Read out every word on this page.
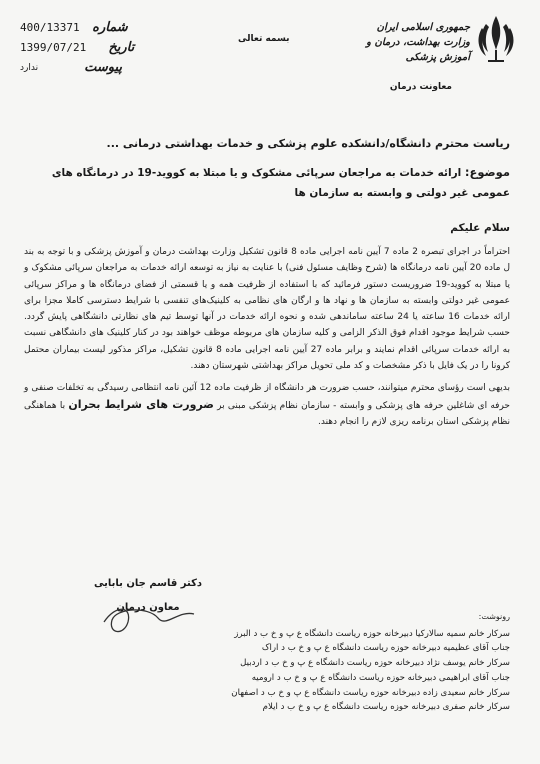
400/13371 شماره
1399/07/21	تاریخ
ندارد	پیوست
بسمه تعالی
جمهوری اسلامی ایران
وزارت بهداشت، درمان و آموزش پزشکی
معاونت درمان
ریاست محترم دانشگاه/دانشکده علوم پزشکی و خدمات بهداشتی درمانی ...
موضوع: ارائه خدمات به مراجعان سرپائی مشکوک و یا مبتلا به کووید-19 در درمانگاه های عمومی غیر دولتی و وابسته به سازمان ها
سلام علیکم

احتراماً در اجرای تبصره 2 ماده 7 آیین نامه اجرایی ماده 8 قانون تشکیل وزارت بهداشت درمان و آموزش پزشکی و با توجه به بند ل ماده 20 آیین نامه درمانگاه ها (شرح وظایف مسئول فنی) با عنایت به نیاز به توسعه ارائه خدمات به مراجعان سرپائی مشکوک و یا مبتلا به کووید-19 ضروریست دستور فرمائید که با استفاده از ظرفیت همه و یا قسمتی از فضای درمانگاه ها و مراکز سرپائی عمومی غیر دولتی وابسته به سازمان ها و نهاد ها و ارگان های نظامی به کلینیک‌های تنفسی با شرایط دسترسی کاملا مجزا برای ارائه خدمات 16 ساعته یا 24 ساعته ساماندهی شده و نحوه ارائه خدمات در آنها توسط تیم های نظارتی دانشگاهی پایش گردد. حسب شرایط موجود اقدام فوق الذکر الزامی و کلیه سازمان های مربوطه موظف خواهند بود در کنار کلینیک های دانشگاهی نسبت به ارائه خدمات سرپائی اقدام نمایند و برابر ماده 27 آیین نامه اجرایی ماده 8 قانون تشکیل، مراکز مذکور لیست بیماران محتمل کرونا را در یک فایل با ذکر مشخصات و کد ملی تحویل مراکز بهداشتی شهرستان دهند.

بدیهی است رؤسای محترم میتوانند، حسب ضرورت هر دانشگاه از ظرفیت ماده 12 آئین نامه انتظامی رسیدگی به تخلفات صنفی و حرفه ای شاغلین حرفه های پزشکی و وابسته - سازمان نظام پزشکی مبنی بر ضرورت های شرایط بحران با هماهنگی نظام پزشکی استان برنامه ریزی لازم را انجام دهند.

دکتر قاسم جان بابایی
معاون درمان
رونوشت:
سرکار خانم سمیه سالارکیا دبیرخانه حوزه ریاست دانشگاه ع پ و خ ب د البرز
جناب آقای عظیمیه دبیرخانه حوزه ریاست دانشگاه ع پ و خ ب د اراک
سرکار خانم یوسف نژاد دبیرخانه حوزه ریاست دانشگاه ع پ و خ ب د اردبیل
جناب آقای ابراهیمی دبیرخانه حوزه ریاست دانشگاه ع پ و خ ب د ارومیه
سرکار خانم سعیدی زاده دبیرخانه حوزه ریاست دانشگاه ع پ و خ ب د اصفهان
سرکار خانم صفری دبیرخانه حوزه ریاست دانشگاه ع پ و خ ب د ایلام
